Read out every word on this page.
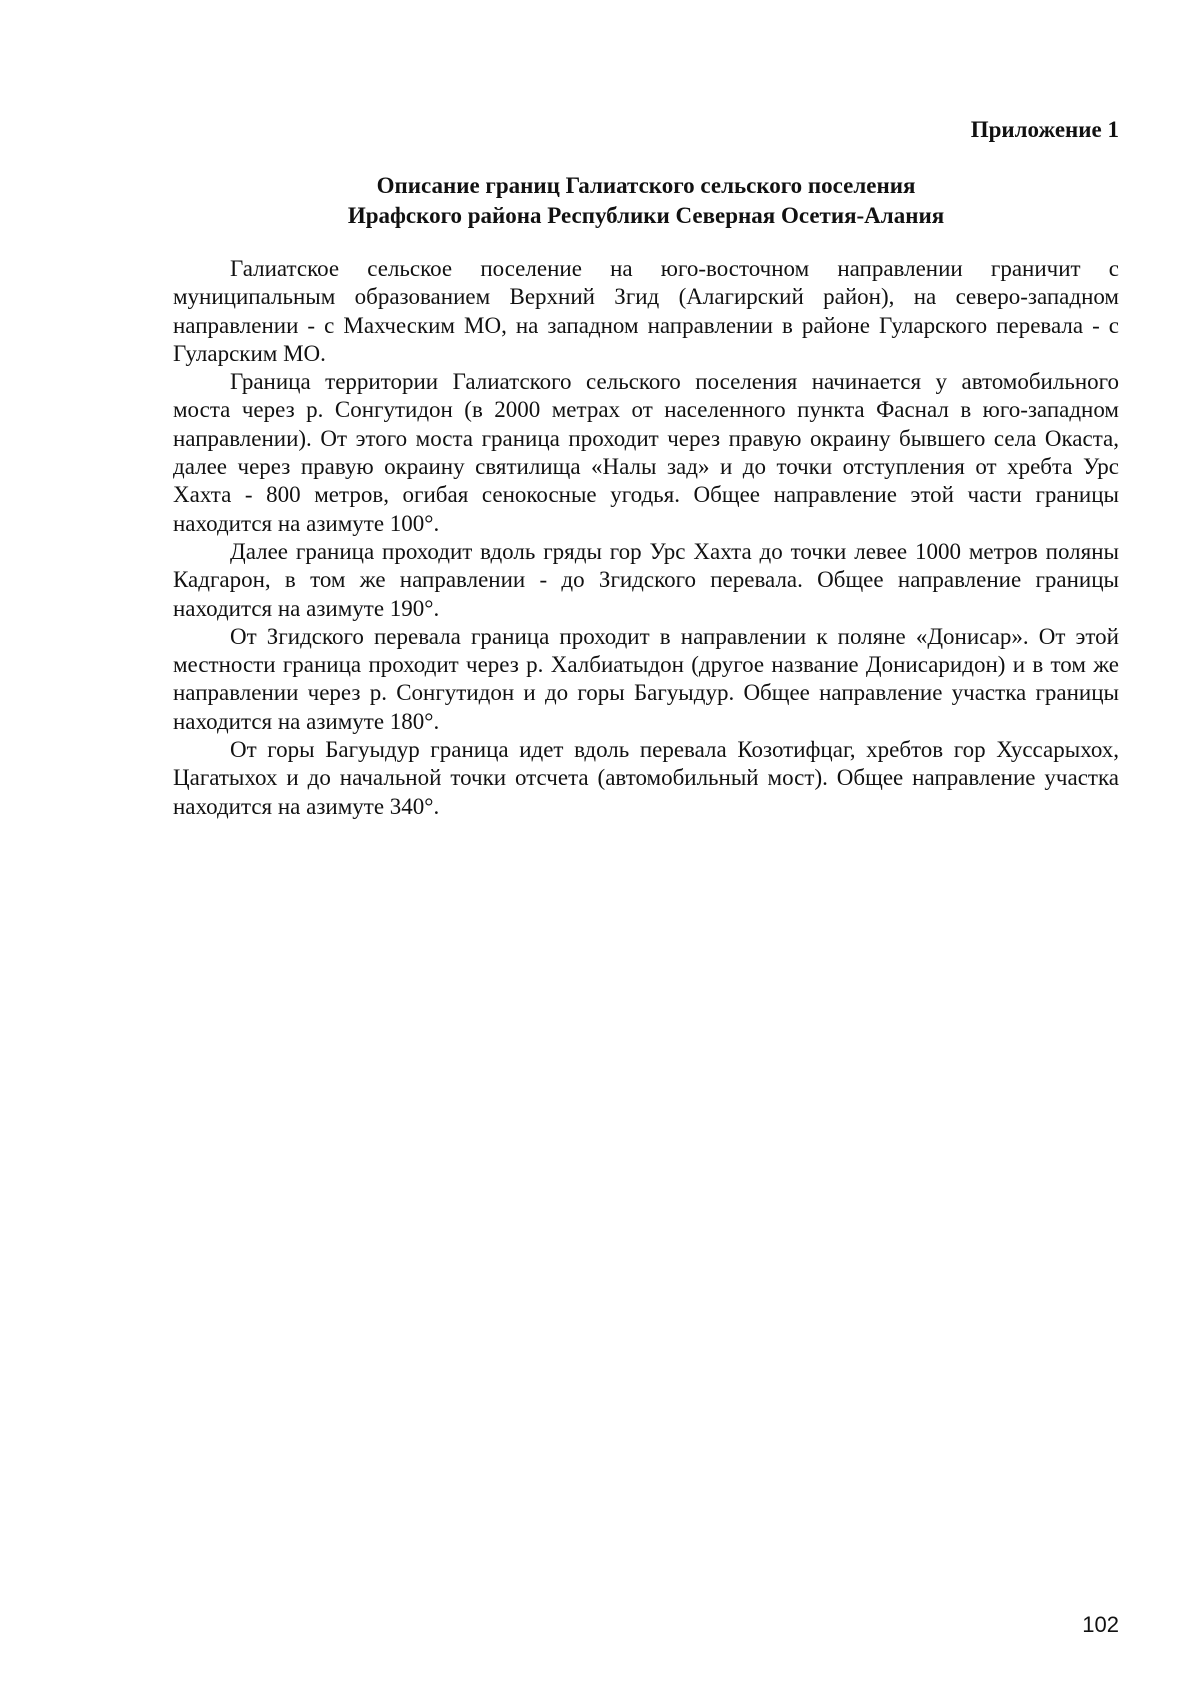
Приложение 1
Описание границ Галиатского сельского поселения
Ирафского района Республики Северная Осетия-Алания

Галиатское сельское поселение на юго-восточном направлении граничит с муниципальным образованием Верхний Згид (Алагирский район), на северо-западном направлении - с Махческим МО, на западном направлении в районе Гуларского перевала - с Гуларским МО.

Граница территории Галиатского сельского поселения начинается у автомобильного моста через р. Сонгутидон (в 2000 метрах от населенного пункта Фаснал в юго-западном направлении). От этого моста граница проходит через правую окраину бывшего села Окаста, далее через правую окраину святилища «Налы зад» и до точки отступления от хребта Урс Хахта - 800 метров, огибая сенокосные угодья. Общее направление этой части границы находится на азимуте 100°.

Далее граница проходит вдоль гряды гор Урс Хахта до точки левее 1000 метров поляны Кадгарон, в том же направлении - до Згидского перевала. Общее направление границы находится на азимуте 190°.

От Згидского перевала граница проходит в направлении к поляне «Донисар». От этой местности граница проходит через р. Халбиатыдон (другое название Донисаридон) и в том же направлении через р. Сонгутидон и до горы Багуыдур. Общее направление участка границы находится на азимуте 180°.

От горы Багуыдур граница идет вдоль перевала Козотифцаг, хребтов гор Хуссарыхох, Цагатыхох и до начальной точки отсчета (автомобильный мост). Общее направление участка находится на азимуте 340°.

102
